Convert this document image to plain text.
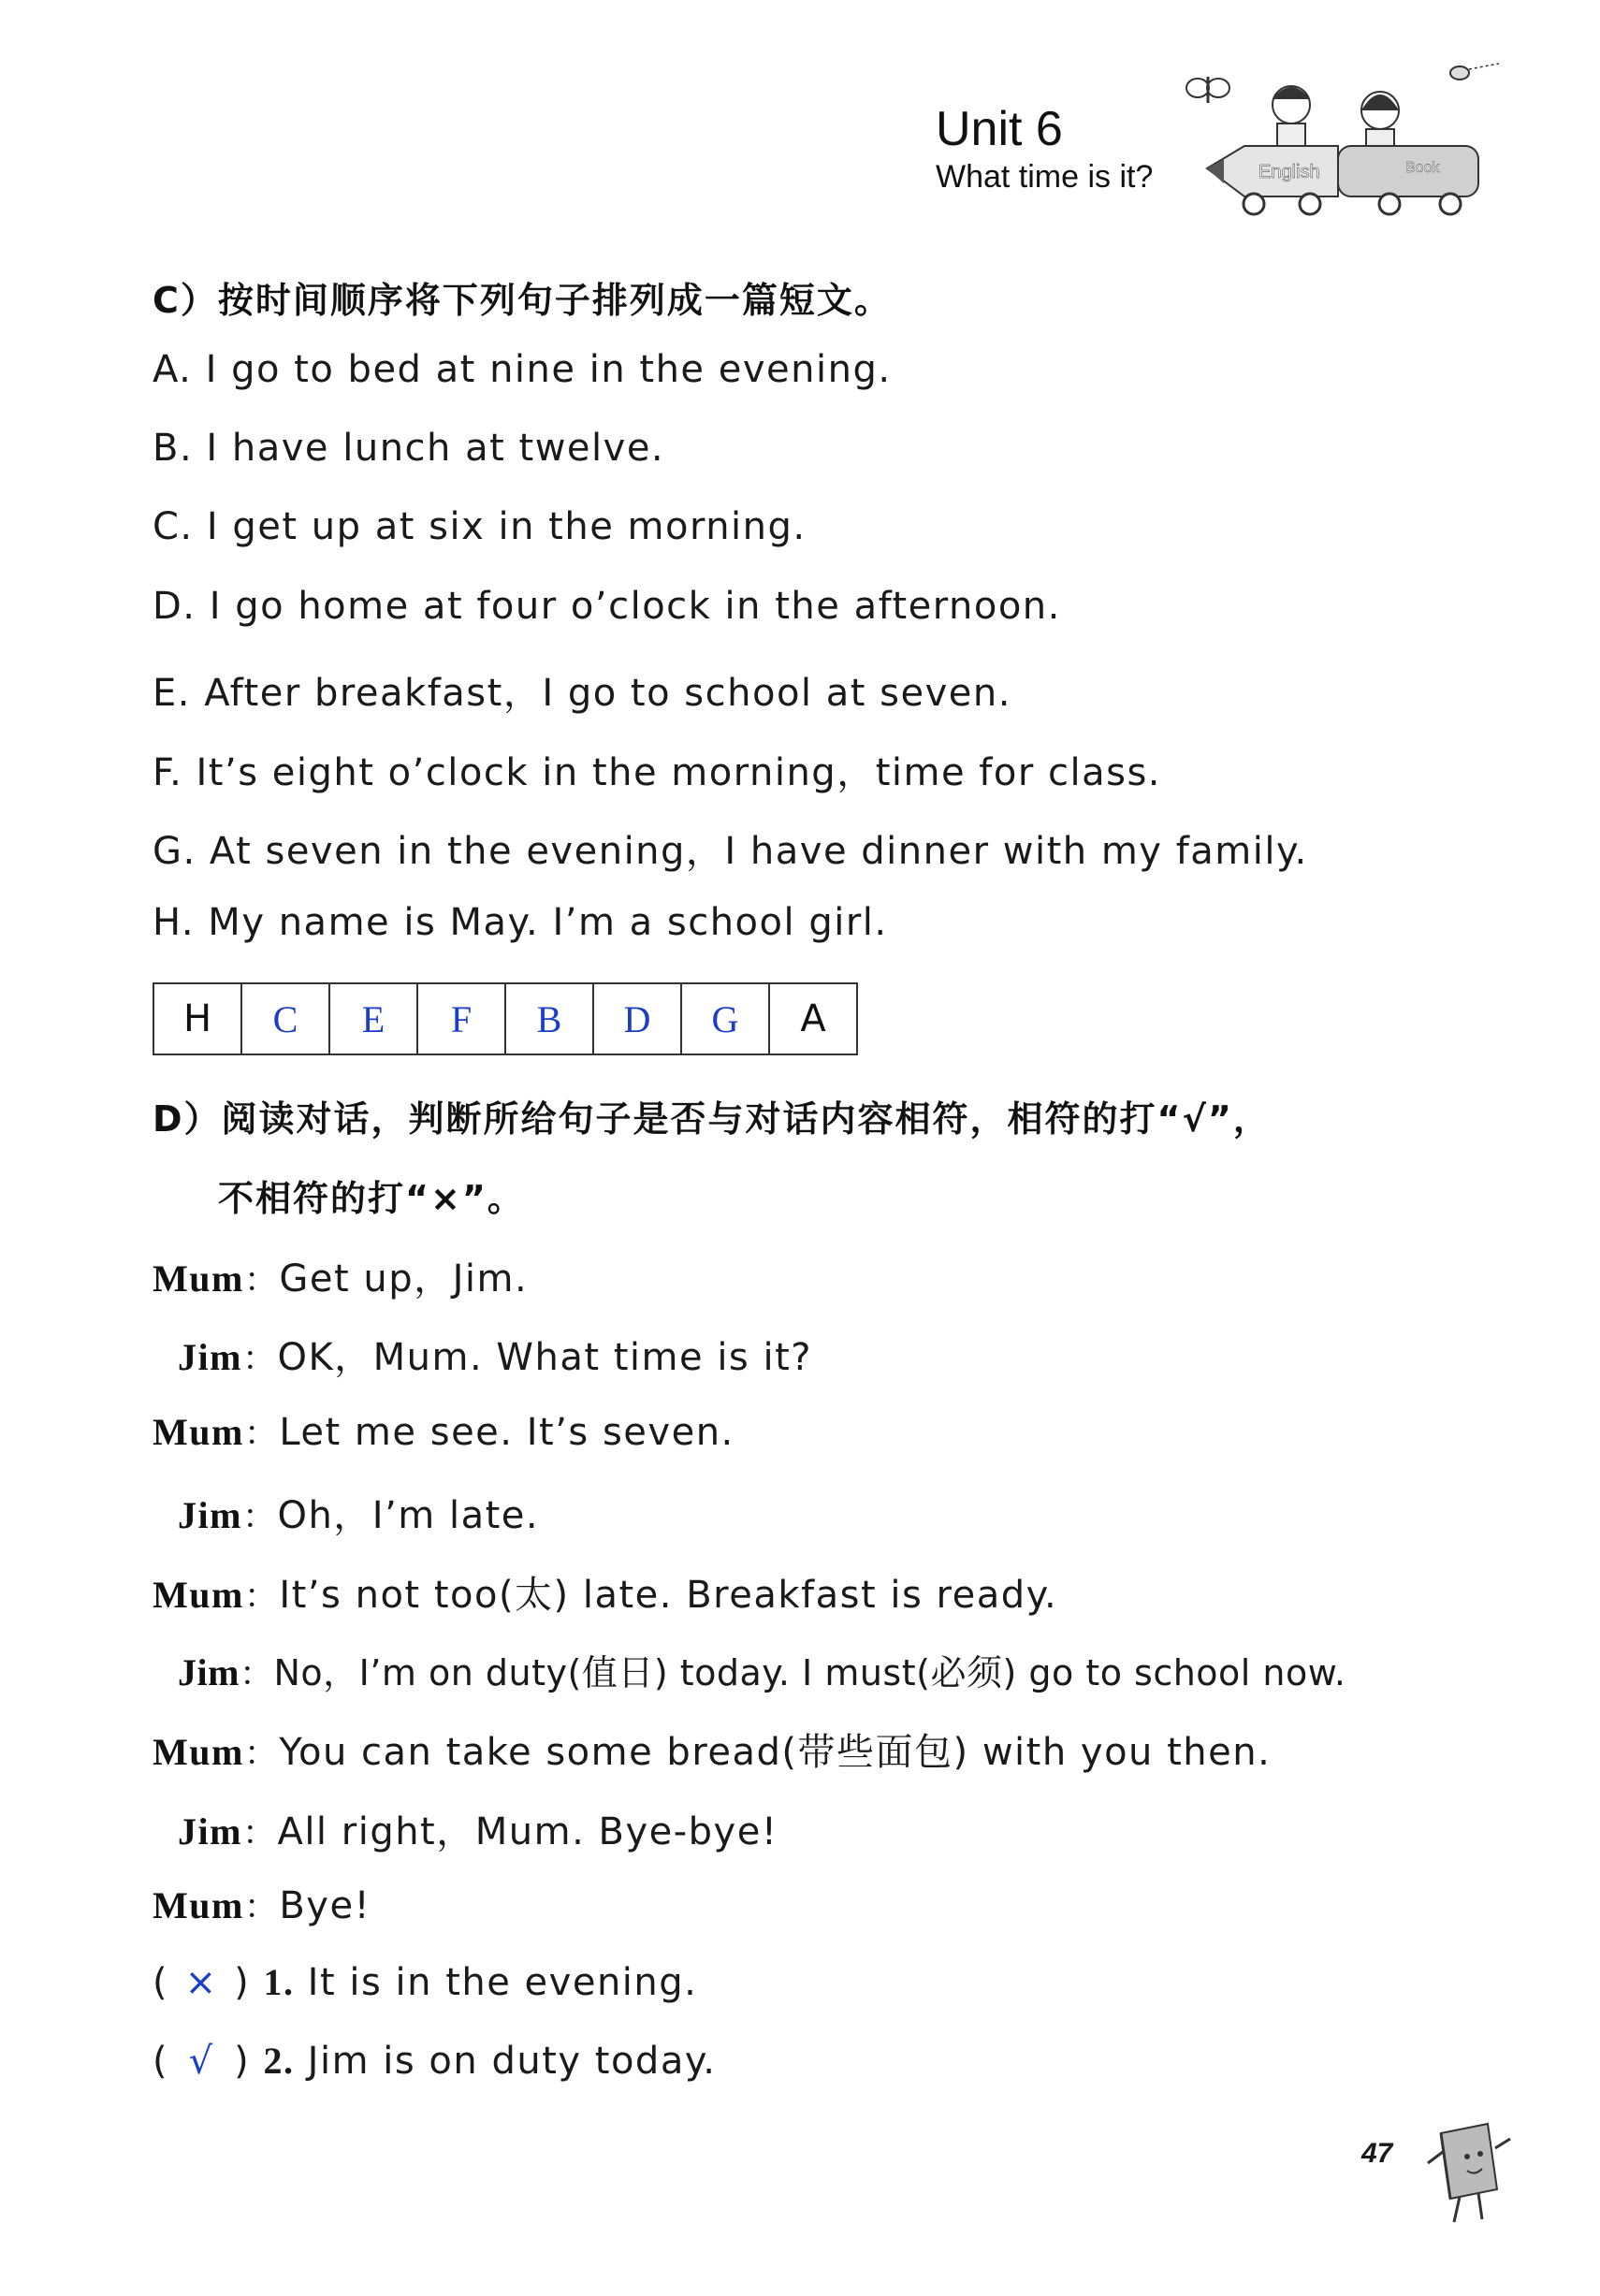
Unit 6
What time is it?	English	Book
C）按时间顺序将下列句子排列成一篇短文。
A. I go to bed at nine in the evening.
B. I have lunch at twelve.
C. I get up at six in the morning.
D. I go home at four o’clock in the afternoon.
E. After breakfast，I go to school at seven.
F. It’s eight o’clock in the morning，time for class.
G. At seven in the evening，I have dinner with my family.
H. My name is May. I’m a school girl.
H	C	E	F	B	D	G	A
D）阅读对话，判断所给句子是否与对话内容相符，相符的打“√”，
不相符的打“×”。
Mum：Get up，Jim.
Jim：OK，Mum. What time is it?
Mum：Let me see. It’s seven.
Jim：Oh，I’m late.
Mum：It’s not too(太) late. Breakfast is ready.
Jim：No，I’m on duty(值日) today. I must(必须) go to school now.
Mum：You can take some bread(带些面包) with you then.
Jim：All right，Mum. Bye-bye!
Mum：Bye!
( × ) 1. It is in the evening.
( √ ) 2. Jim is on duty today.
47
